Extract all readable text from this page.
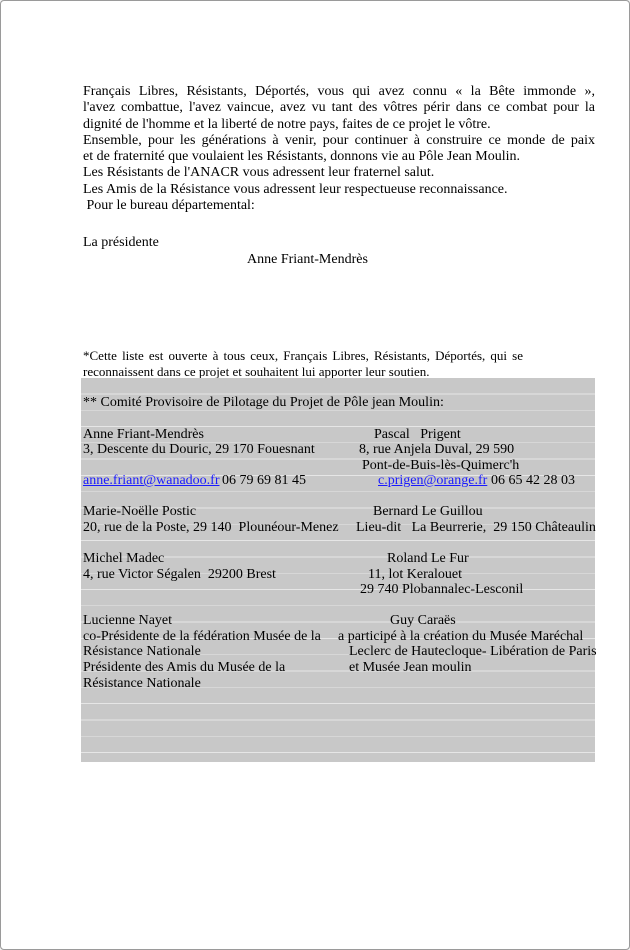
Français Libres, Résistants, Déportés, vous qui avez connu « la Bête immonde »,
l'avez combattue, l'avez vaincue, avez vu tant des vôtres périr dans ce combat pour la
dignité de l'homme et la liberté de notre pays, faites de ce projet le vôtre.
Ensemble, pour les générations à venir, pour continuer à construire ce monde de paix
et de fraternité que voulaient les Résistants, donnons vie au Pôle Jean Moulin.
Les Résistants de l'ANACR vous adressent leur fraternel salut.
Les Amis de la Résistance vous adressent leur respectueuse reconnaissance.
Pour le bureau départemental:
La présidente
Anne Friant-Mendrès
*Cette liste est ouverte à tous ceux, Français Libres, Résistants, Déportés, qui se
reconnaissent dans ce projet et souhaitent lui apporter leur soutien.
** Comité Provisoire de Pilotage du Projet de Pôle jean Moulin:
Anne Friant-Mendrès
3, Descente du Douric, 29 170 Fouesnant
anne.friant@wanadoo.fr 06 79 69 81 45
Pascal   Prigent
8, rue Anjela Duval, 29 590
Pont-de-Buis-lès-Quimerc'h
c.prigen@orange.fr 06 65 42 28 03
Marie-Noëlle Postic
20, rue de la Poste, 29 140  Plounéour-Menez
Bernard Le Guillou
Lieu-dit   La Beurrerie,  29 150 Châteaulin
Michel Madec
4, rue Victor Ségalen  29200 Brest
Roland Le Fur
11, lot Keralouet
29 740 Plobannalec-Lesconil
Lucienne Nayet
co-Présidente de la fédération Musée de la
Résistance Nationale
Présidente des Amis du Musée de la
Résistance Nationale
Guy Caraës
a participé à la création du Musée Maréchal
Leclerc de Hautecloque- Libération de Paris
et Musée Jean moulin
